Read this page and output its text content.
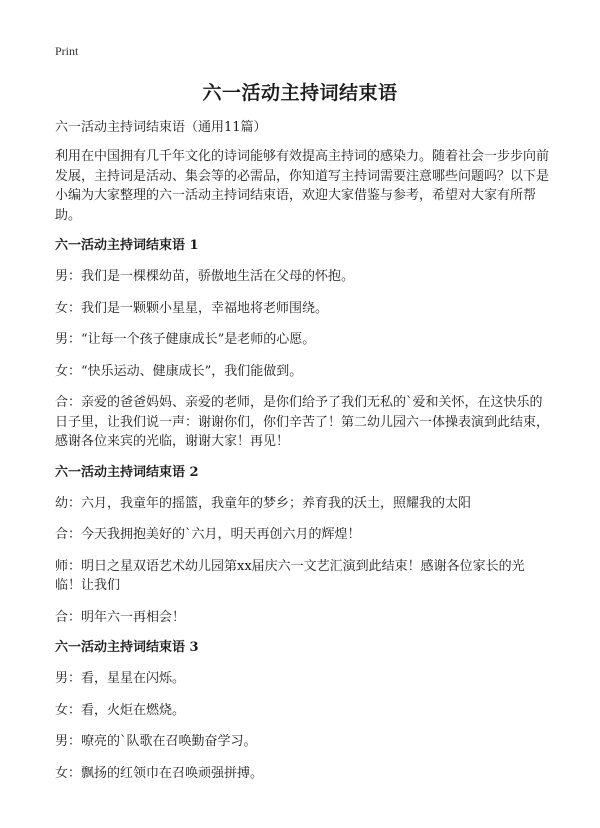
Print
六一活动主持词结束语
六一活动主持词结束语（通用11篇）

利用在中国拥有几千年文化的诗词能够有效提高主持词的感染力。随着社会一步步向前发展，主持词是活动、集会等的必需品，你知道写主持词需要注意哪些问题吗？以下是小编为大家整理的六一活动主持词结束语，欢迎大家借鉴与参考，希望对大家有所帮助。

六一活动主持词结束语 1

男：我们是一棵棵幼苗，骄傲地生活在父母的怀抱。

女：我们是一颗颗小星星，幸福地将老师围绕。

男：“让每一个孩子健康成长”是老师的心愿。

女：“快乐运动、健康成长”，我们能做到。

合：亲爱的爸爸妈妈、亲爱的老师，是你们给予了我们无私的`爱和关怀，在这快乐的日子里，让我们说一声：谢谢你们，你们辛苦了！第二幼儿园六一体操表演到此结束，感谢各位来宾的光临，谢谢大家！再见！

六一活动主持词结束语 2

幼：六月，我童年的摇篮，我童年的梦乡；养育我的沃土，照耀我的太阳

合：今天我拥抱美好的`六月，明天再创六月的辉煌！

师：明日之星双语艺术幼儿园第xx届庆六一文艺汇演到此结束！感谢各位家长的光临！让我们

合：明年六一再相会！

六一活动主持词结束语 3

男：看，星星在闪烁。

女：看，火炬在燃烧。

男：嘹亮的`队歌在召唤勤奋学习。

女：飘扬的红领巾在召唤顽强拼搏。
